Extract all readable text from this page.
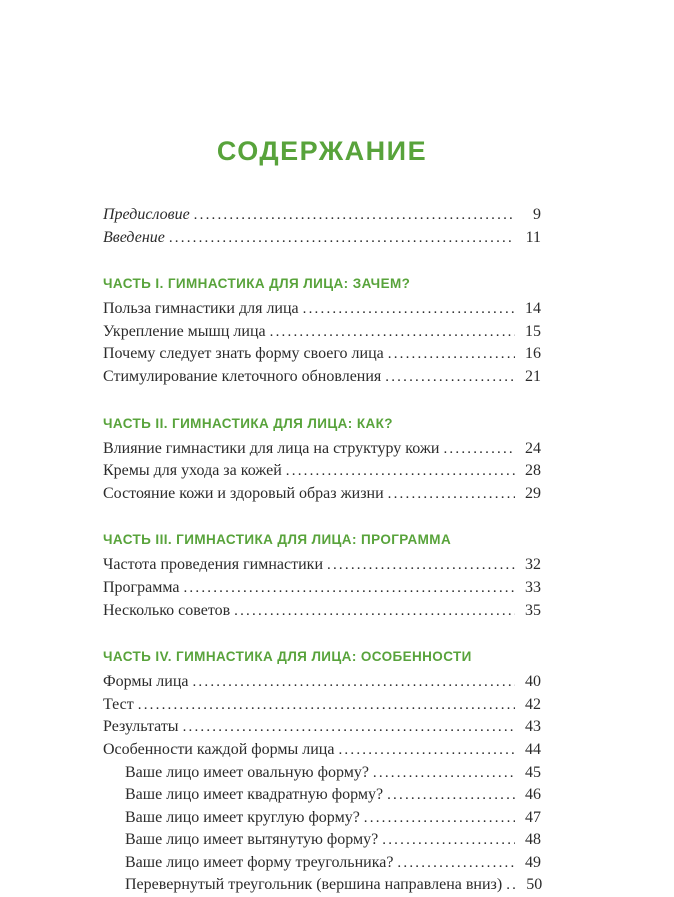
СОДЕРЖАНИЕ
Предисловие .....	9
Введение .....	11
ЧАСТЬ I. ГИМНАСТИКА ДЛЯ ЛИЦА: ЗАЧЕМ?
Польза гимнастики для лица .....	14
Укрепление мышц лица .....	15
Почему следует знать форму своего лица .....	16
Стимулирование клеточного обновления .....	21
ЧАСТЬ II. ГИМНАСТИКА ДЛЯ ЛИЦА: КАК?
Влияние гимнастики для лица на структуру кожи .....	24
Кремы для ухода за кожей .....	28
Состояние кожи и здоровый образ жизни .....	29
ЧАСТЬ III. ГИМНАСТИКА ДЛЯ ЛИЦА: ПРОГРАММА
Частота проведения гимнастики .....	32
Программа .....	33
Несколько советов .....	35
ЧАСТЬ IV. ГИМНАСТИКА ДЛЯ ЛИЦА: ОСОБЕННОСТИ
Формы лица .....	40
Тест .....	42
Результаты .....	43
Особенности каждой формы лица .....	44
Ваше лицо имеет овальную форму? .....	45
Ваше лицо имеет квадратную форму? .....	46
Ваше лицо имеет круглую форму? .....	47
Ваше лицо имеет вытянутую форму? .....	48
Ваше лицо имеет форму треугольника? .....	49
Перевернутый треугольник (вершина направлена вниз) .....	50
